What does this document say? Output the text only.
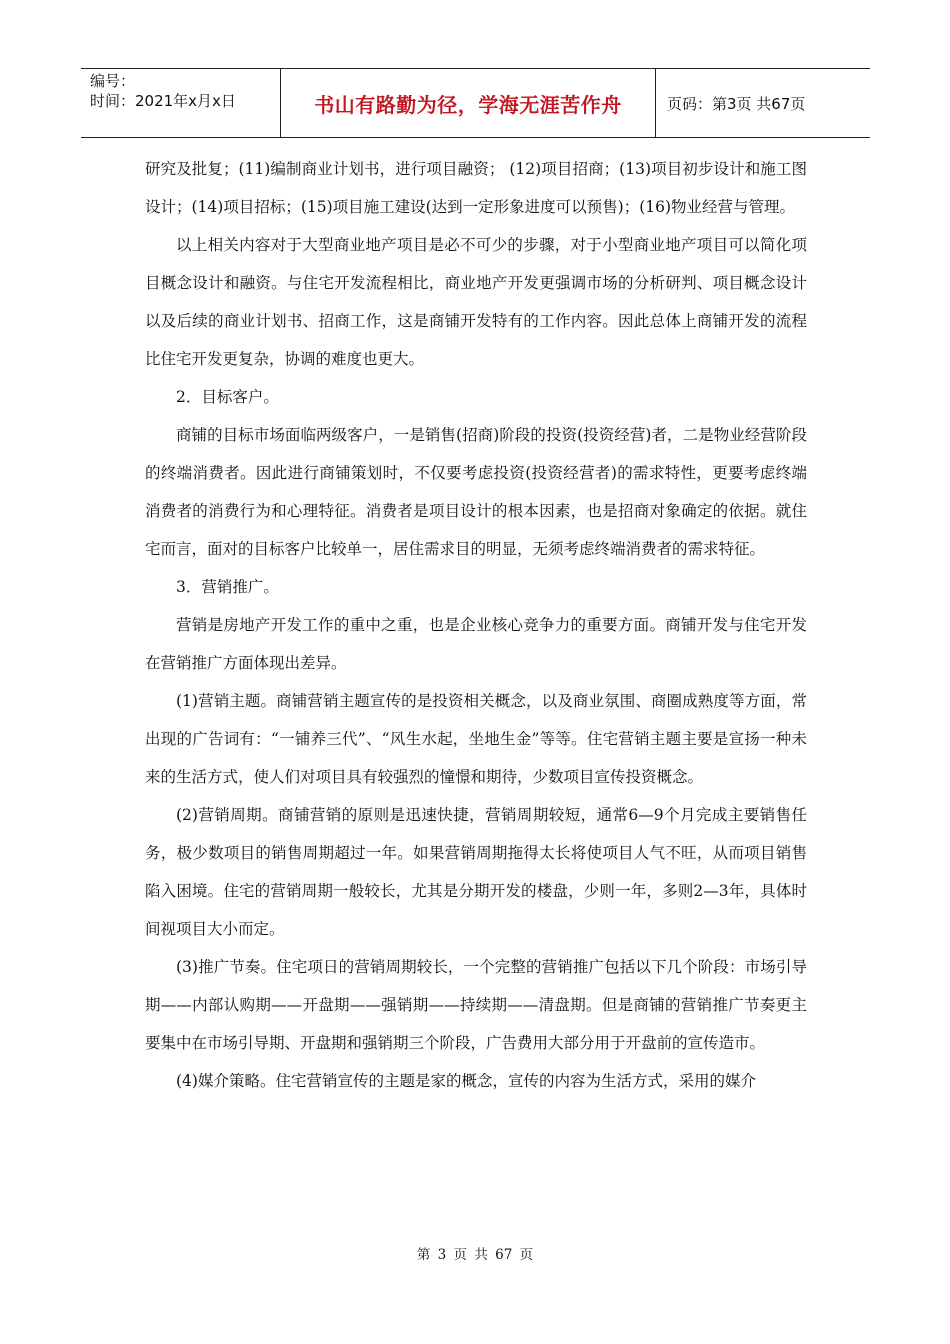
编号：
时间：2021年x月x日	书山有路勤为径，学海无涯苦作舟	页码：第3页 共67页

研究及批复；(11)编制商业计划书，进行项目融资； (12)项目招商；(13)项目初步设计和施工图设计；(14)项目招标；(15)项目施工建设(达到一定形象进度可以预售)；(16)物业经营与管理。

以上相关内容对于大型商业地产项目是必不可少的步骤，对于小型商业地产项目可以简化项目概念设计和融资。与住宅开发流程相比，商业地产开发更强调市场的分析研判、项目概念设计以及后续的商业计划书、招商工作，这是商铺开发特有的工作内容。因此总体上商铺开发的流程比住宅开发更复杂，协调的难度也更大。

2．目标客户。

商铺的目标市场面临两级客户，一是销售(招商)阶段的投资(投资经营)者，二是物业经营阶段的终端消费者。因此进行商铺策划时，不仅要考虑投资(投资经营者)的需求特性，更要考虑终端消费者的消费行为和心理特征。消费者是项目设计的根本因素，也是招商对象确定的依据。就住宅而言，面对的目标客户比较单一，居住需求目的明显，无须考虑终端消费者的需求特征。

3．营销推广。

营销是房地产开发工作的重中之重，也是企业核心竞争力的重要方面。商铺开发与住宅开发在营销推广方面体现出差异。

(1)营销主题。商铺营销主题宣传的是投资相关概念，以及商业氛围、商圈成熟度等方面，常出现的广告词有：“一铺养三代”、“风生水起，坐地生金”等等。住宅营销主题主要是宣扬一种未来的生活方式，使人们对项目具有较强烈的憧憬和期待，少数项目宣传投资概念。

(2)营销周期。商铺营销的原则是迅速快捷，营销周期较短，通常6—9个月完成主要销售任务，极少数项目的销售周期超过一年。如果营销周期拖得太长将使项目人气不旺，从而项目销售陷入困境。住宅的营销周期一般较长，尤其是分期开发的楼盘，少则一年，多则2—3年，具体时间视项目大小而定。

(3)推广节奏。住宅项日的营销周期较长，一个完整的营销推广包括以下几个阶段：市场引导期——内部认购期——开盘期——强销期——持续期——清盘期。但是商铺的营销推广节奏更主要集中在市场引导期、开盘期和强销期三个阶段，广告费用大部分用于开盘前的宣传造市。

(4)媒介策略。住宅营销宣传的主题是家的概念，宣传的内容为生活方式，采用的媒介

第 3 页 共 67 页
